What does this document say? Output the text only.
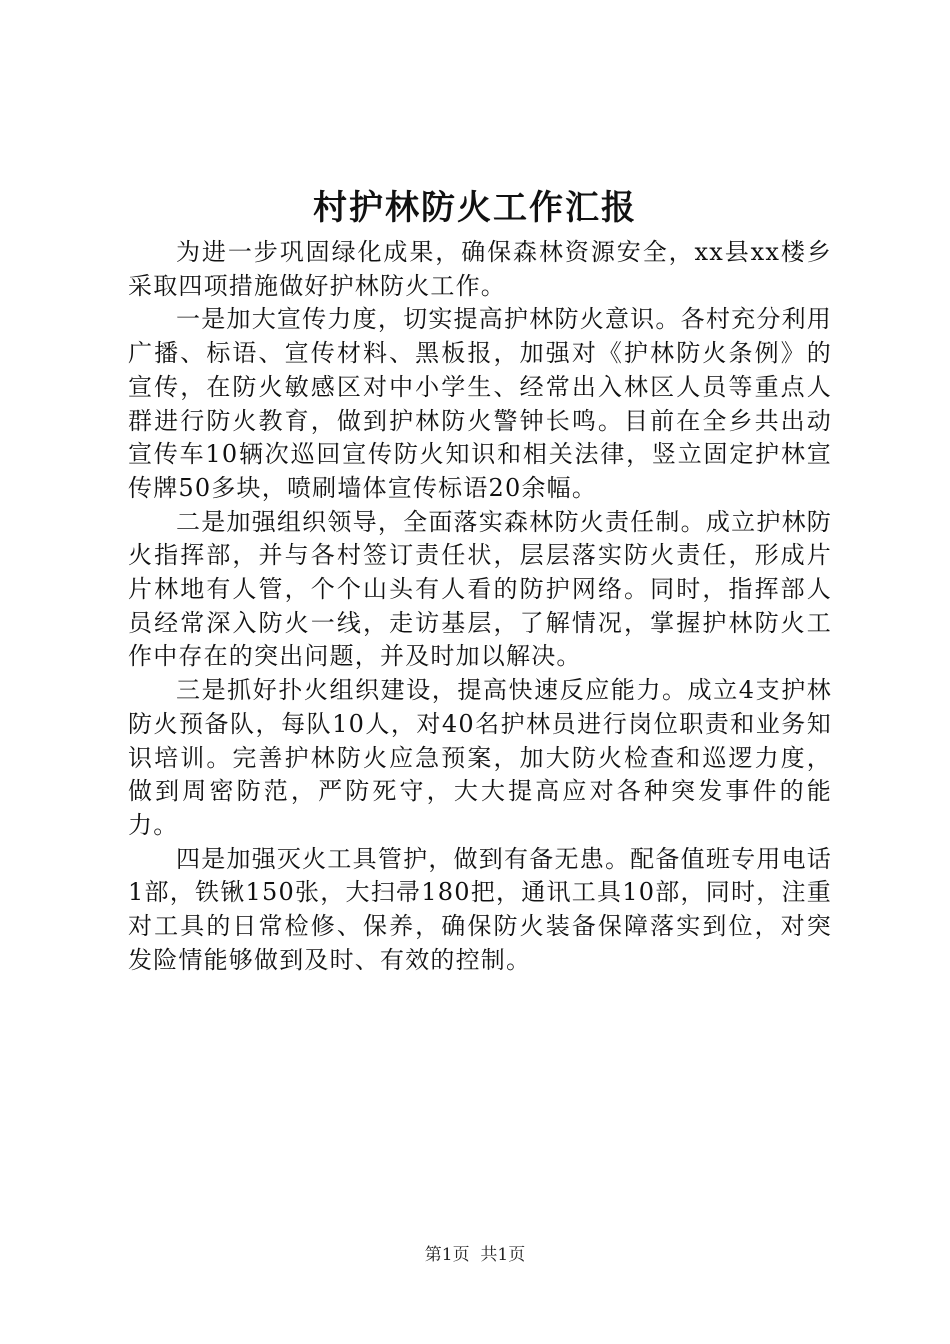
村护林防火工作汇报

为进一步巩固绿化成果，确保森林资源安全，xx县xx楼乡采取四项措施做好护林防火工作。

一是加大宣传力度，切实提高护林防火意识。各村充分利用广播、标语、宣传材料、黑板报，加强对《护林防火条例》的宣传，在防火敏感区对中小学生、经常出入林区人员等重点人群进行防火教育，做到护林防火警钟长鸣。目前在全乡共出动宣传车10辆次巡回宣传防火知识和相关法律，竖立固定护林宣传牌50多块，喷刷墙体宣传标语20余幅。

二是加强组织领导，全面落实森林防火责任制。成立护林防火指挥部，并与各村签订责任状，层层落实防火责任，形成片片林地有人管，个个山头有人看的防护网络。同时，指挥部人员经常深入防火一线，走访基层，了解情况，掌握护林防火工作中存在的突出问题，并及时加以解决。

三是抓好扑火组织建设，提高快速反应能力。成立4支护林防火预备队，每队10人，对40名护林员进行岗位职责和业务知识培训。完善护林防火应急预案，加大防火检查和巡逻力度，做到周密防范，严防死守，大大提高应对各种突发事件的能力。

四是加强灭火工具管护，做到有备无患。配备值班专用电话1部，铁锹150张，大扫帚180把，通讯工具10部，同时，注重对工具的日常检修、保养，确保防火装备保障落实到位，对突发险情能够做到及时、有效的控制。

第1页 共1页
